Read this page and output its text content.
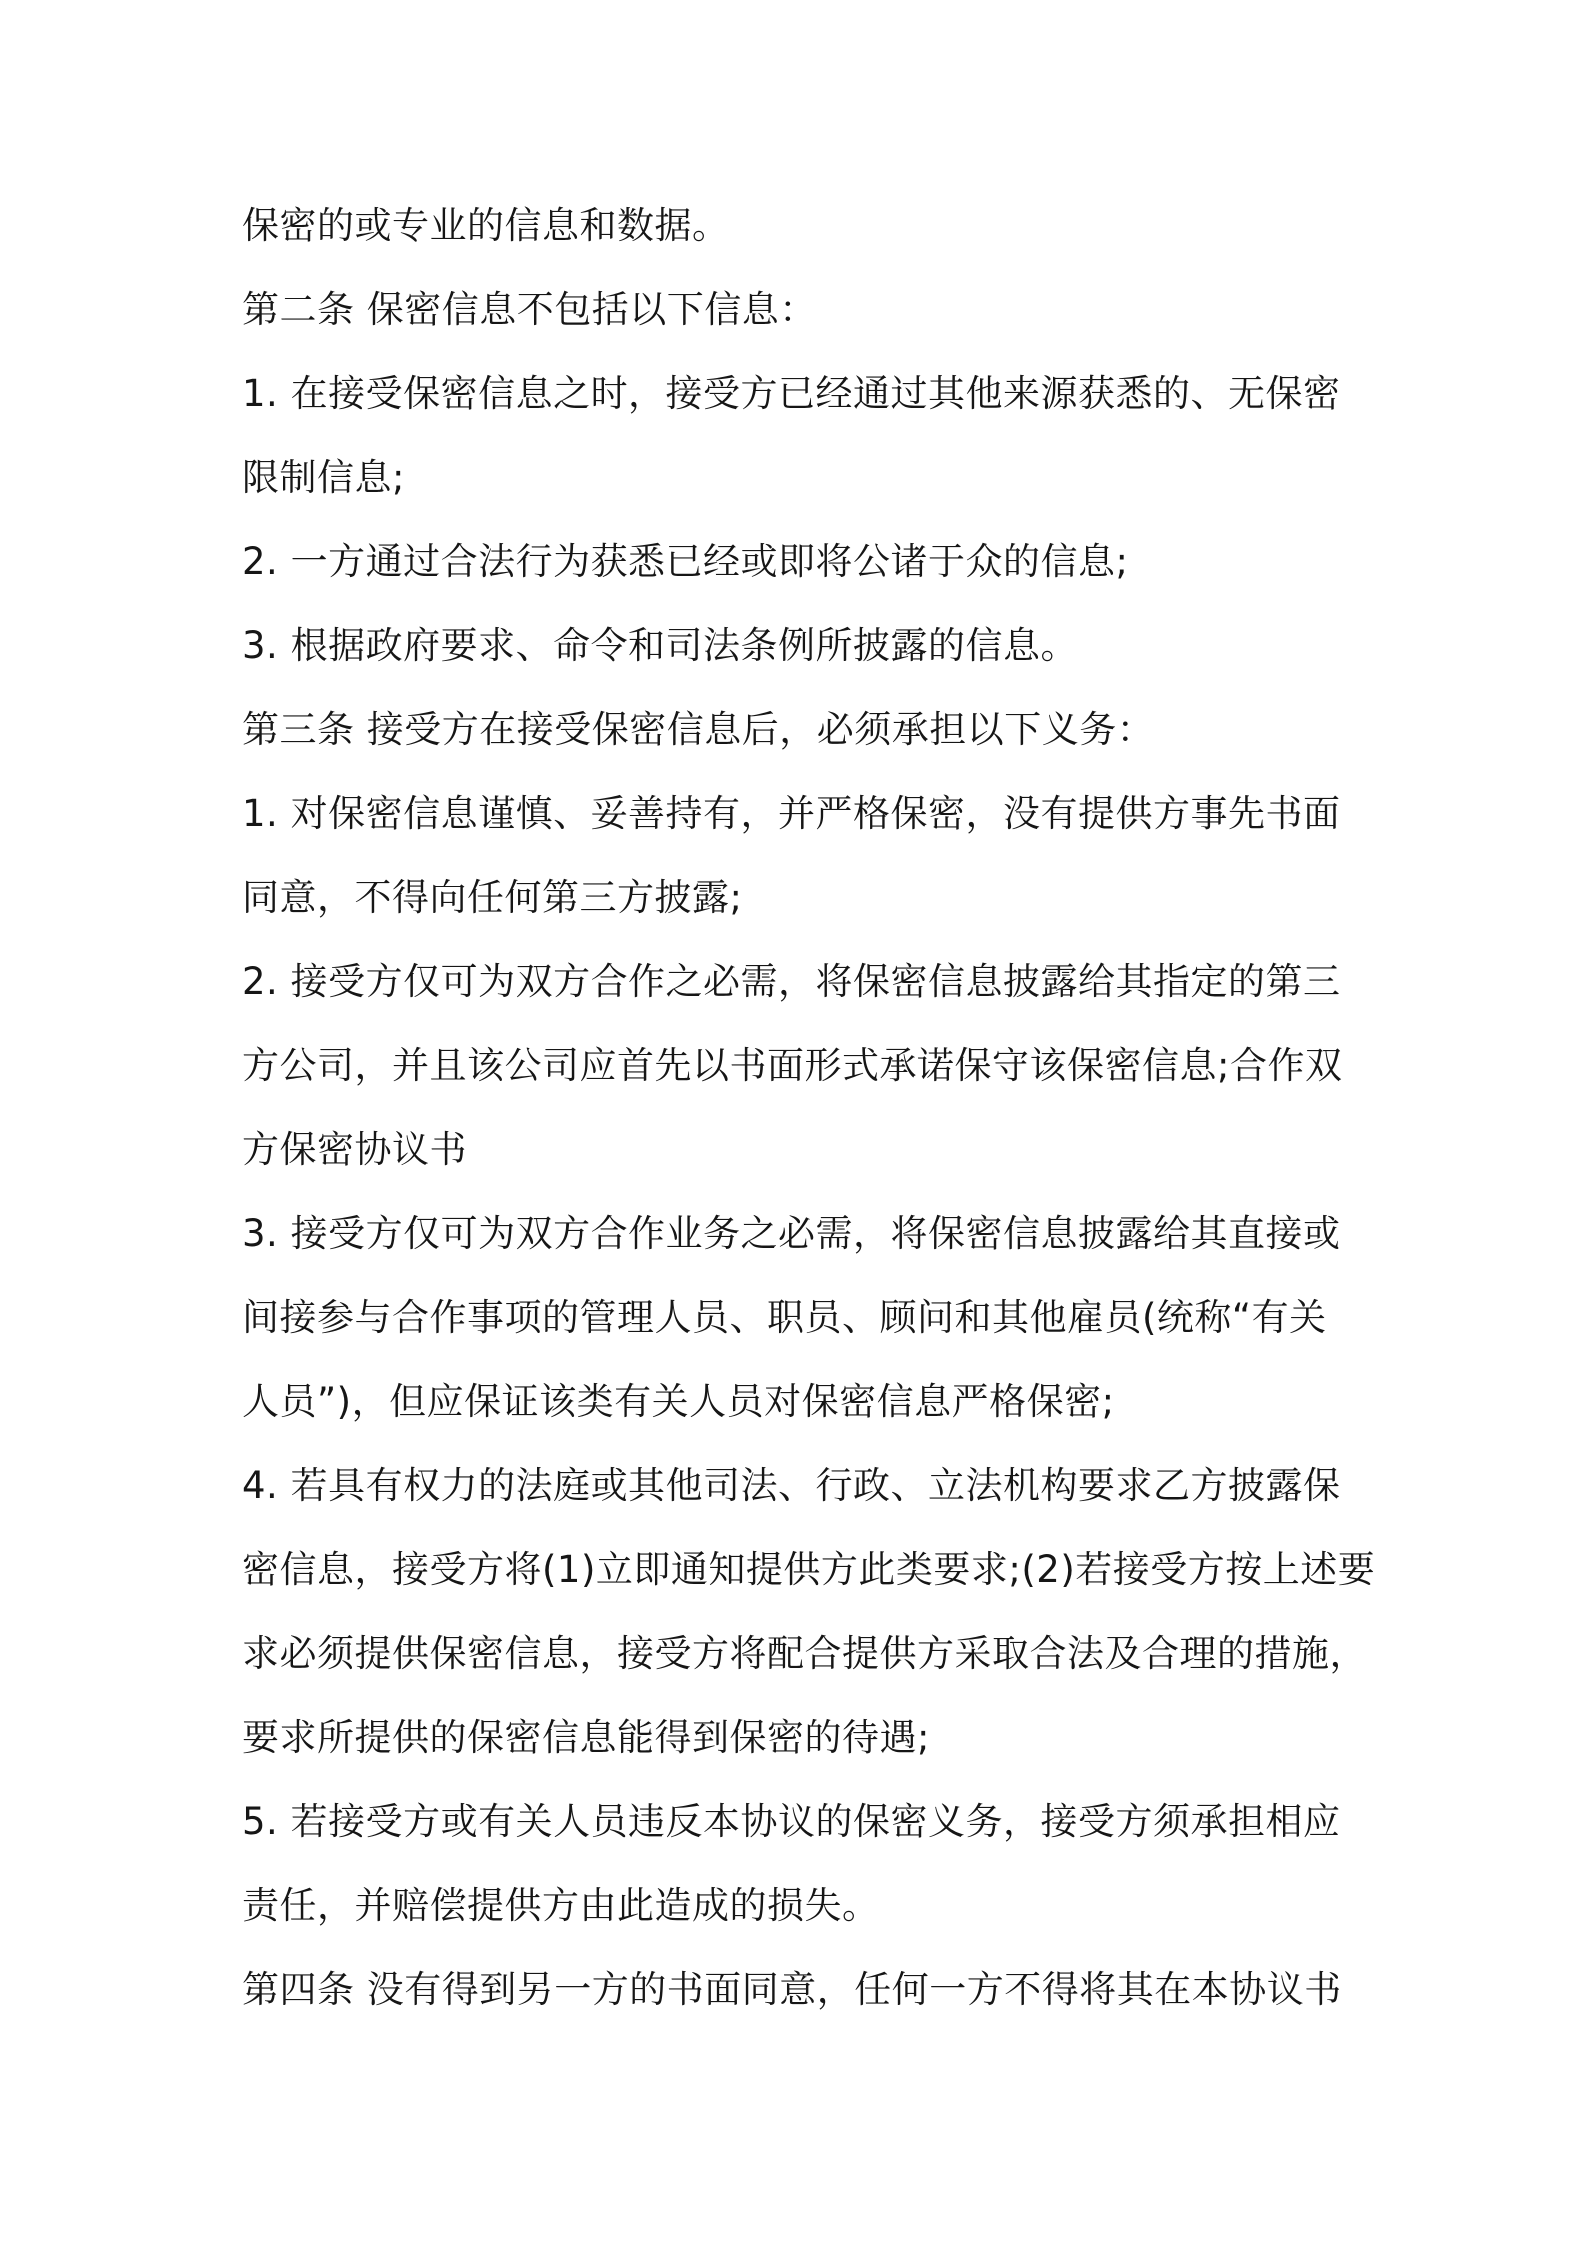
保密的或专业的信息和数据。
第二条 保密信息不包括以下信息：
1. 在接受保密信息之时，接受方已经通过其他来源获悉的、无保密
限制信息;
2. 一方通过合法行为获悉已经或即将公诸于众的信息;
3. 根据政府要求、命令和司法条例所披露的信息。
第三条 接受方在接受保密信息后，必须承担以下义务：
1. 对保密信息谨慎、妥善持有，并严格保密，没有提供方事先书面
同意，不得向任何第三方披露;
2. 接受方仅可为双方合作之必需，将保密信息披露给其指定的第三
方公司，并且该公司应首先以书面形式承诺保守该保密信息;合作双
方保密协议书
3. 接受方仅可为双方合作业务之必需，将保密信息披露给其直接或
间接参与合作事项的管理人员、职员、顾问和其他雇员(统称“有关
人员”)，但应保证该类有关人员对保密信息严格保密;
4. 若具有权力的法庭或其他司法、行政、立法机构要求乙方披露保
密信息，接受方将(1)立即通知提供方此类要求;(2)若接受方按上述要
求必须提供保密信息，接受方将配合提供方采取合法及合理的措施，
要求所提供的保密信息能得到保密的待遇;
5. 若接受方或有关人员违反本协议的保密义务，接受方须承担相应
责任，并赔偿提供方由此造成的损失。
第四条 没有得到另一方的书面同意，任何一方不得将其在本协议书
